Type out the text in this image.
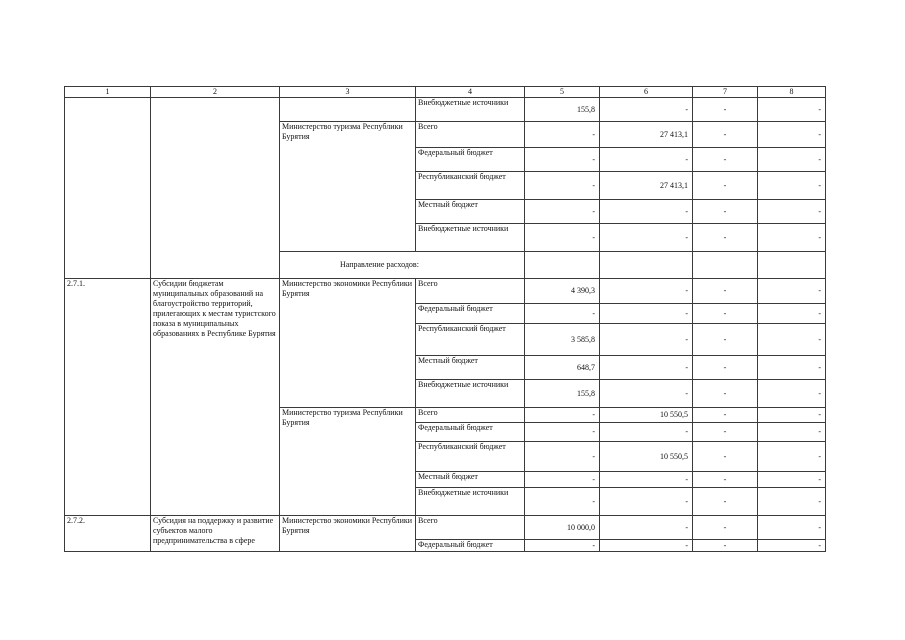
1	2	3	4	5	6	7	8	
			Внебюджетные источники	155,8	-	-	-	
		Министерство туризма Республики Бурятия	Всего	-	27 413,1	-	-	
			Федеральный бюджет	-	-	-	-	
			Республиканский бюджет	-	27 413,1	-	-	
			Местный бюджет	-	-	-	-	
			Внебюджетные источники	-	-	-	-	
		Направление расходов:						
2.7.1.	Субсидии бюджетам муниципальных образований на благоустройство территорий, прилегающих к местам туристского показа в муниципальных образованиях в Республике Бурятия	Министерство экономики Республики Бурятия	Всего	4 390,3	-	-	-	
			Федеральный бюджет	-	-	-	-	
			Республиканский бюджет	3 585,8	-	-	-	
			Местный бюджет	648,7	-	-	-	
			Внебюджетные источники	155,8	-	-	-	
		Министерство туризма Республики Бурятия	Всего	-	10 550,5	-	-	
			Федеральный бюджет	-	-	-	-	
			Республиканский бюджет	-	10 550,5	-	-	
			Местный бюджет	-	-	-	-	
			Внебюджетные источники	-	-	-	-	
2.7.2.	Субсидия на поддержку и развитие субъектов малого предпринимательства в сфере	Министерство экономики Республики Бурятия	Всего	10 000,0	-	-	-	
			Федеральный бюджет	-	-	-	-	
